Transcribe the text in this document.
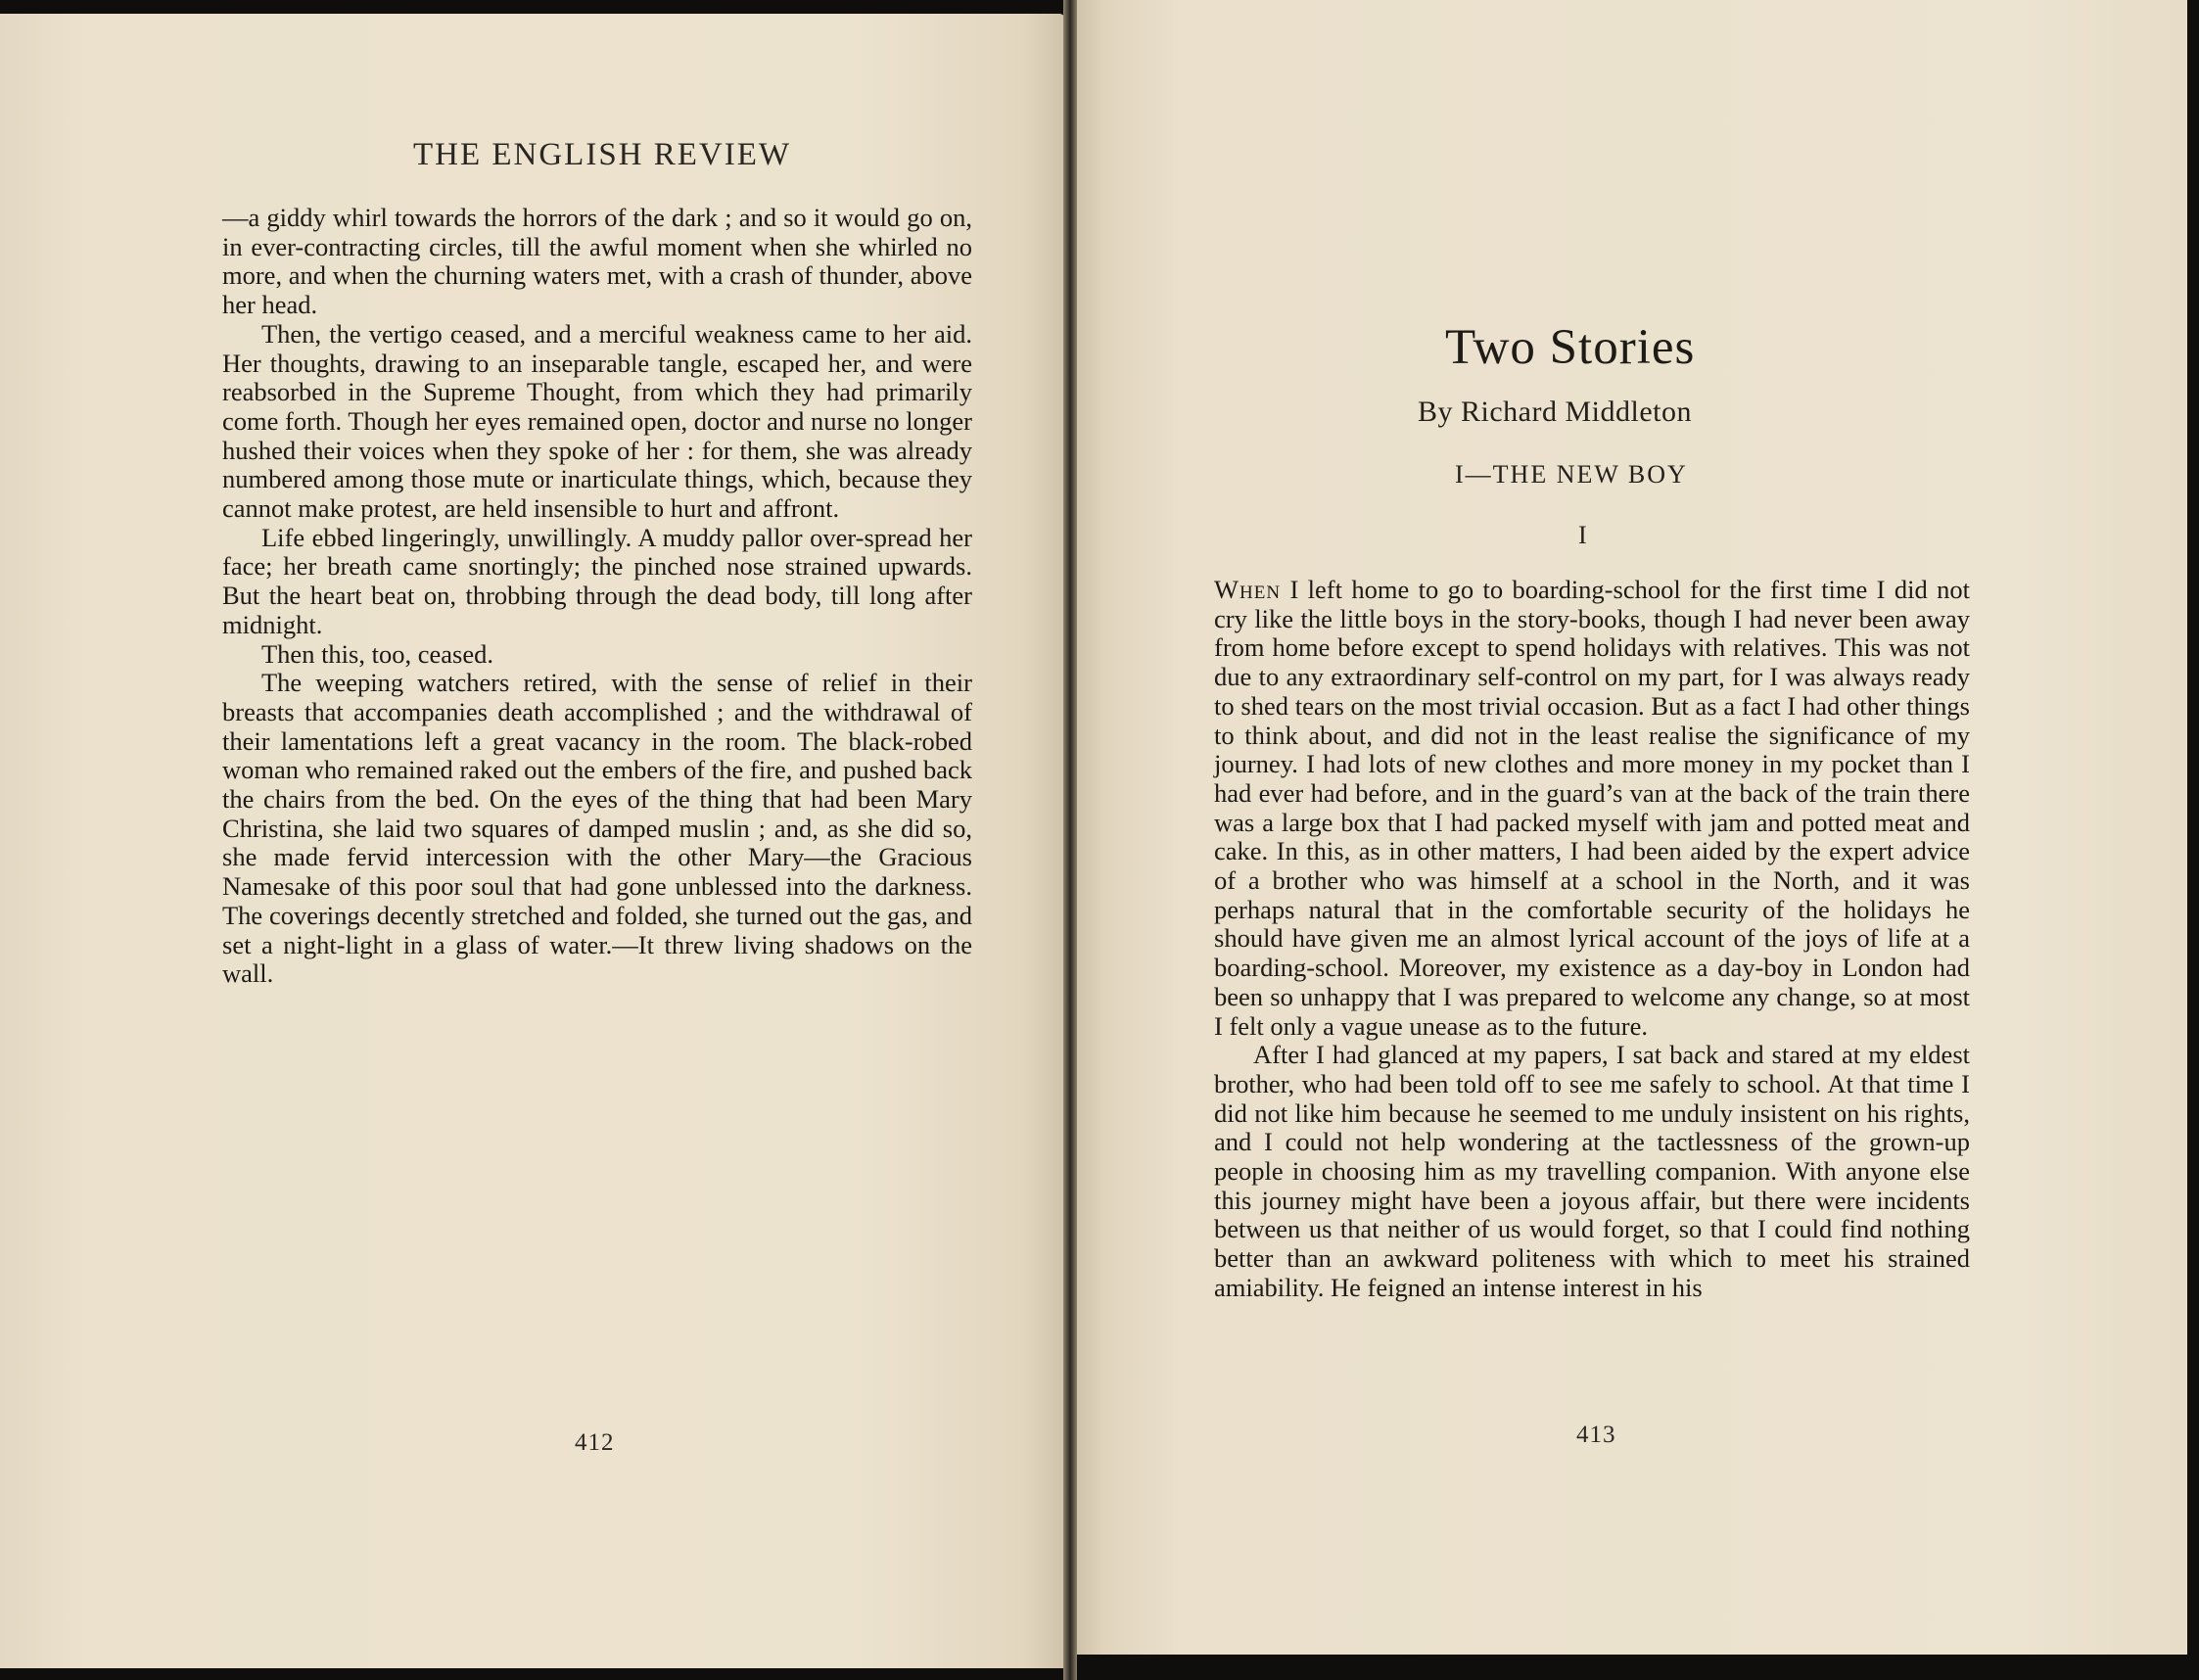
THE ENGLISH REVIEW

—a giddy whirl towards the horrors of the dark ; and so it would go on, in ever-contracting circles, till the awful moment when she whirled no more, and when the churning waters met, with a crash of thunder, above her head.

Then, the vertigo ceased, and a merciful weakness came to her aid. Her thoughts, drawing to an inseparable tangle, escaped her, and were reabsorbed in the Supreme Thought, from which they had primarily come forth. Though her eyes remained open, doctor and nurse no longer hushed their voices when they spoke of her : for them, she was already numbered among those mute or inarticulate things, which, because they cannot make protest, are held insensible to hurt and affront.

Life ebbed lingeringly, unwillingly. A muddy pallor over-spread her face; her breath came snortingly; the pinched nose strained upwards. But the heart beat on, throbbing through the dead body, till long after midnight.

Then this, too, ceased.

The weeping watchers retired, with the sense of relief in their breasts that accompanies death accomplished ; and the withdrawal of their lamentations left a great vacancy in the room. The black-robed woman who remained raked out the embers of the fire, and pushed back the chairs from the bed. On the eyes of the thing that had been Mary Christina, she laid two squares of damped muslin ; and, as she did so, she made fervid intercession with the other Mary—the Gracious Namesake of this poor soul that had gone unblessed into the darkness. The coverings decently stretched and folded, she turned out the gas, and set a night-light in a glass of water.—It threw living shadows on the wall.

412
Two Stories
By Richard Middleton
I—THE NEW BOY
I

When I left home to go to boarding-school for the first time I did not cry like the little boys in the story-books, though I had never been away from home before except to spend holidays with relatives. This was not due to any extraordinary self-control on my part, for I was always ready to shed tears on the most trivial occasion. But as a fact I had other things to think about, and did not in the least realise the significance of my journey. I had lots of new clothes and more money in my pocket than I had ever had before, and in the guard’s van at the back of the train there was a large box that I had packed myself with jam and potted meat and cake. In this, as in other matters, I had been aided by the expert advice of a brother who was himself at a school in the North, and it was perhaps natural that in the comfortable security of the holidays he should have given me an almost lyrical account of the joys of life at a boarding-school. Moreover, my existence as a day-boy in London had been so unhappy that I was prepared to welcome any change, so at most I felt only a vague unease as to the future.

After I had glanced at my papers, I sat back and stared at my eldest brother, who had been told off to see me safely to school. At that time I did not like him because he seemed to me unduly insistent on his rights, and I could not help wondering at the tactlessness of the grown-up people in choosing him as my travelling companion. With anyone else this journey might have been a joyous affair, but there were incidents between us that neither of us would forget, so that I could find nothing better than an awkward politeness with which to meet his strained amiability. He feigned an intense interest in his

413
